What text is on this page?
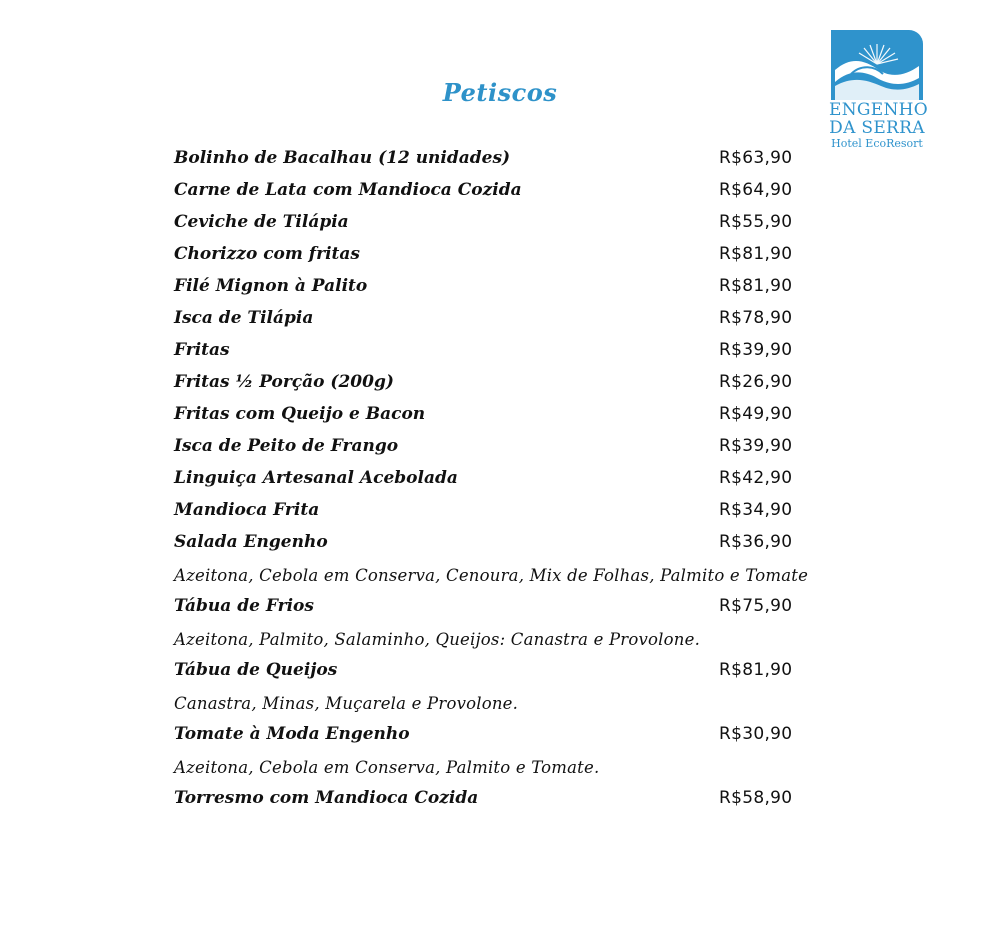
ENGENHO
DA SERRA
Hotel EcoResort
Petiscos
Bolinho de Bacalhau (12 unidades)	R$63,90
Carne de Lata com Mandioca Cozida	R$64,90
Ceviche de Tilápia	R$55,90
Chorizzo com fritas	R$81,90
Filé Mignon à Palito	R$81,90
Isca de Tilápia	R$78,90
Fritas	R$39,90
Fritas ½ Porção (200g)	R$26,90
Fritas com Queijo e Bacon	R$49,90
Isca de Peito de Frango	R$39,90
Linguiça Artesanal Acebolada	R$42,90
Mandioca Frita	R$34,90
Salada Engenho	R$36,90
Azeitona, Cebola em Conserva, Cenoura, Mix de Folhas, Palmito e Tomate
Tábua de Frios	R$75,90
Azeitona, Palmito, Salaminho, Queijos: Canastra e Provolone.
Tábua de Queijos	R$81,90
Canastra, Minas, Muçarela e Provolone.
Tomate à Moda Engenho	R$30,90
Azeitona, Cebola em Conserva, Palmito e Tomate.
Torresmo com Mandioca Cozida	R$58,90
